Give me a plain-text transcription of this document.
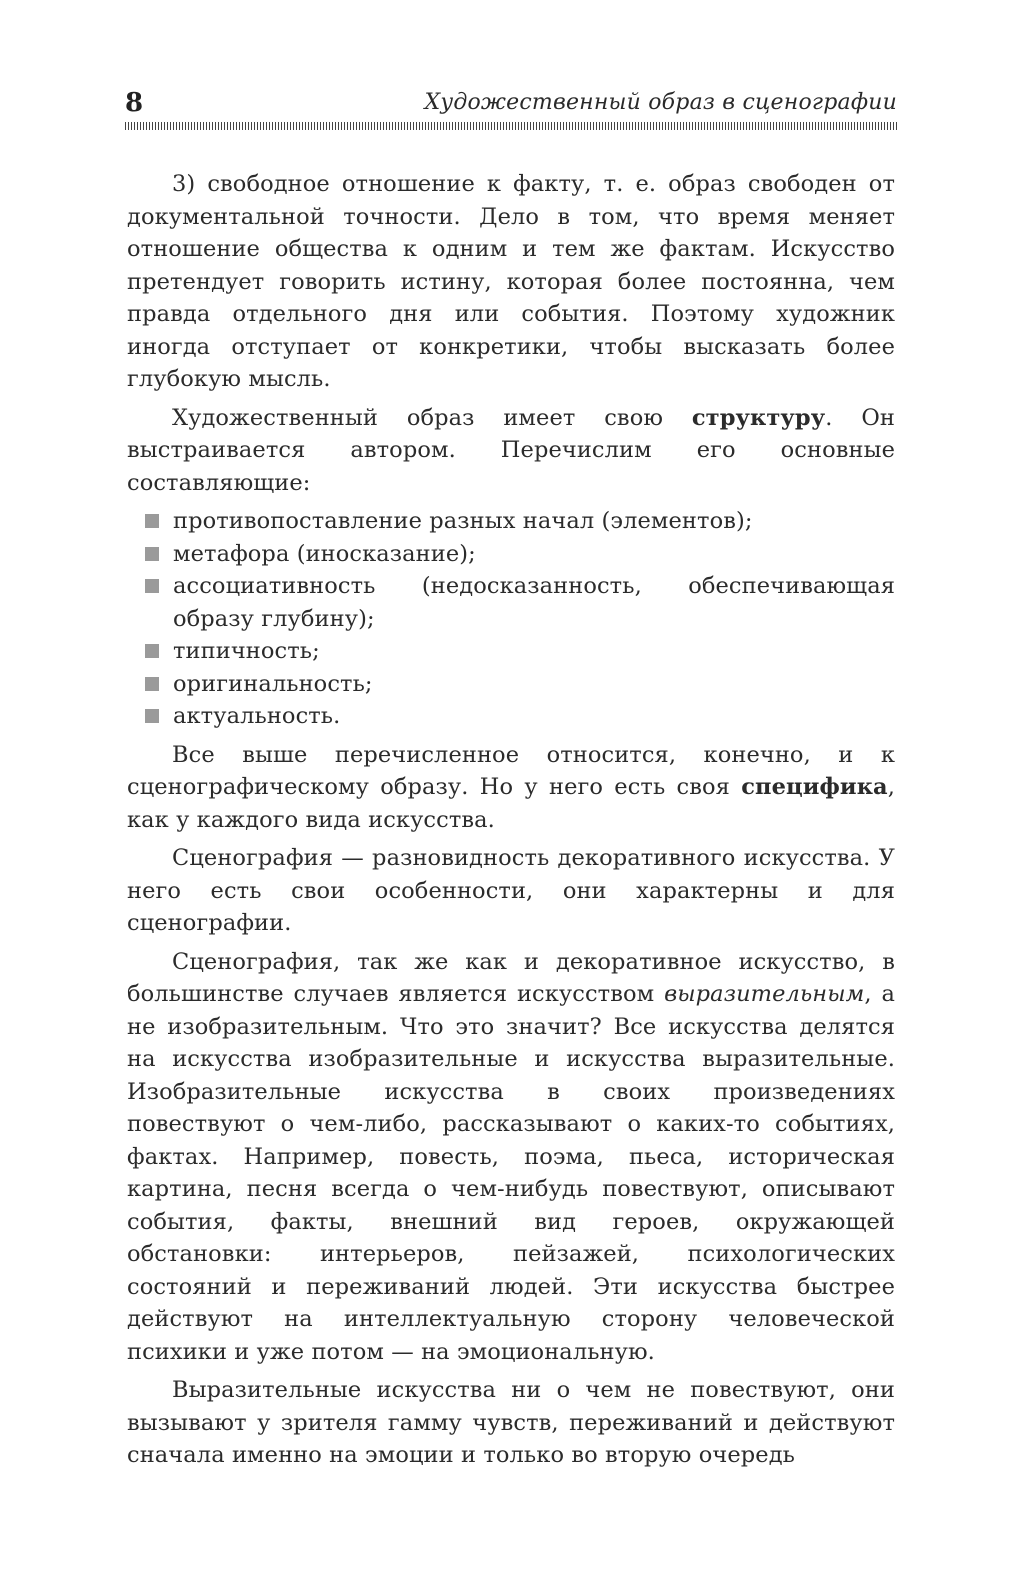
8	Художественный образ в сценографии

3) свободное отношение к факту, т. е. образ свободен от документальной точности. Дело в том, что время меняет отношение общества к одним и тем же фактам. Искусство претендует говорить истину, которая более постоянна, чем правда отдельного дня или события. Поэтому художник иногда отступает от конкретики, чтобы высказать более глубокую мысль.

Художественный образ имеет свою структуру. Он выстраивается автором. Перечислим его основные составляющие:

противопоставление разных начал (элементов);
метафора (иносказание);
ассоциативность (недосказанность, обеспечивающая образу глубину);
типичность;
оригинальность;
актуальность.

Все выше перечисленное относится, конечно, и к сценографическому образу. Но у него есть своя специфика, как у каждого вида искусства.

Сценография — разновидность декоративного искусства. У него есть свои особенности, они характерны и для сценографии.

Сценография, так же как и декоративное искусство, в большинстве случаев является искусством выразительным, а не изобразительным. Что это значит? Все искусства делятся на искусства изобразительные и искусства выразительные. Изобразительные искусства в своих произведениях повествуют о чем-либо, рассказывают о каких-то событиях, фактах. Например, повесть, поэма, пьеса, историческая картина, песня всегда о чем-нибудь повествуют, описывают события, факты, внешний вид героев, окружающей обстановки: интерьеров, пейзажей, психологических состояний и переживаний людей. Эти искусства быстрее действуют на интеллектуальную сторону человеческой психики и уже потом — на эмоциональную.

Выразительные искусства ни о чем не повествуют, они вызывают у зрителя гамму чувств, переживаний и действуют сначала именно на эмоции и только во вторую очередь
